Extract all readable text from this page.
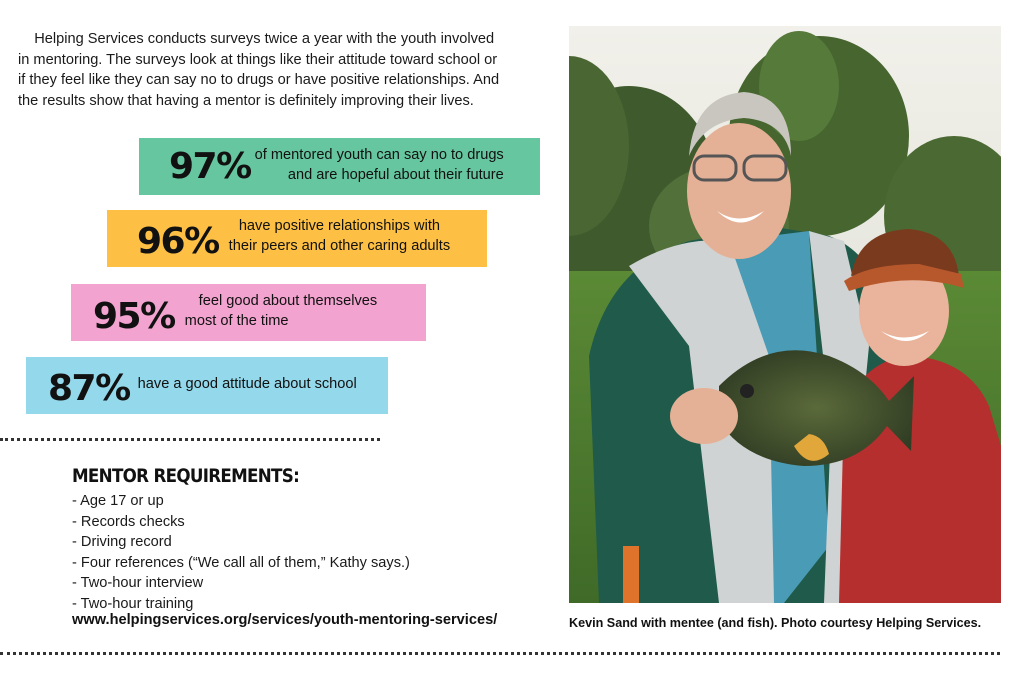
Helping Services conducts surveys twice a year with the youth involved
in mentoring. The surveys look at things like their attitude toward school or
if they feel like they can say no to drugs or have positive relationships. And
the results show that having a mentor is definitely improving their lives.
97% of mentored youth can say no to drugs
and are hopeful about their future
96%	have positive relationships with
their peers and other caring adults
95%	feel good about themselves
most of the time
87% have a good attitude about school
MENTOR REQUIREMENTS:
- Age 17 or up
- Records checks
- Driving record
- Four references (“We call all of them,” Kathy says.)
- Two-hour interview
- Two-hour training
www.helpingservices.org/services/youth-mentoring-services/	Kevin Sand with mentee (and fish). Photo courtesy Helping Services.
